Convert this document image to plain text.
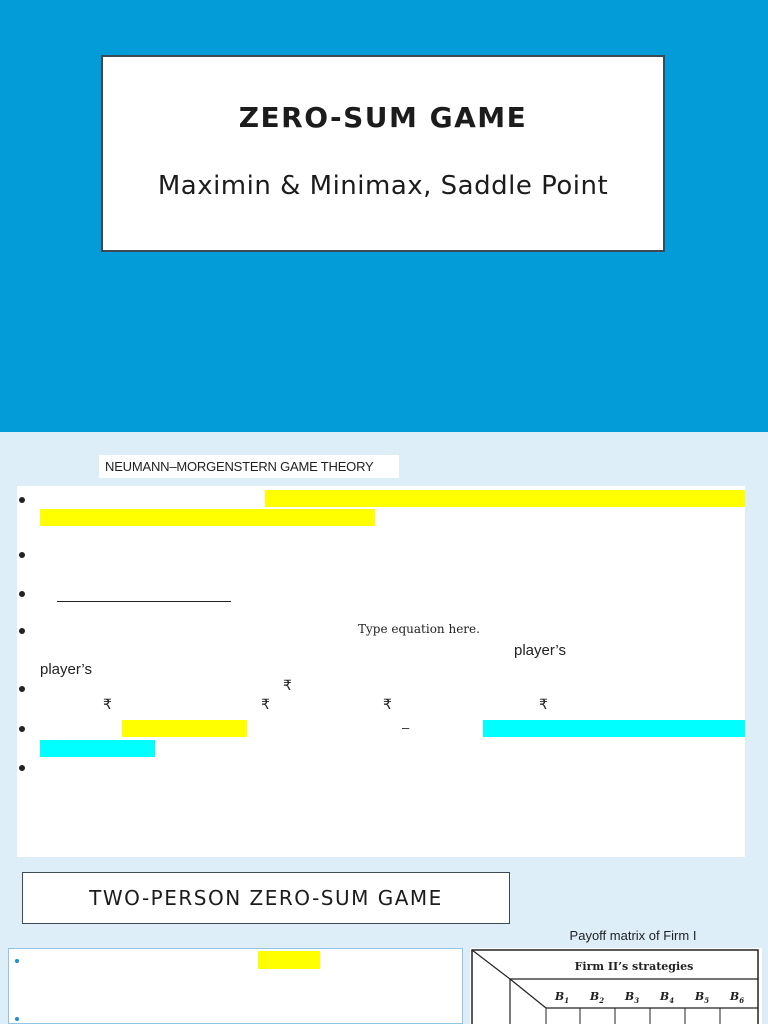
ZERO-SUM GAME
Maximin & Minimax, Saddle Point
NEUMANN–MORGENSTERN GAME THEORY
Type equation here.
player’s
player’s
₹
₹	₹	₹	₹
–
TWO-PERSON ZERO-SUM GAME
Payoff matrix of Firm I
Firm II’s strategies
$B_1$ $B_2$ $B_3$ $B_4$ $B_5$ $B_6$
